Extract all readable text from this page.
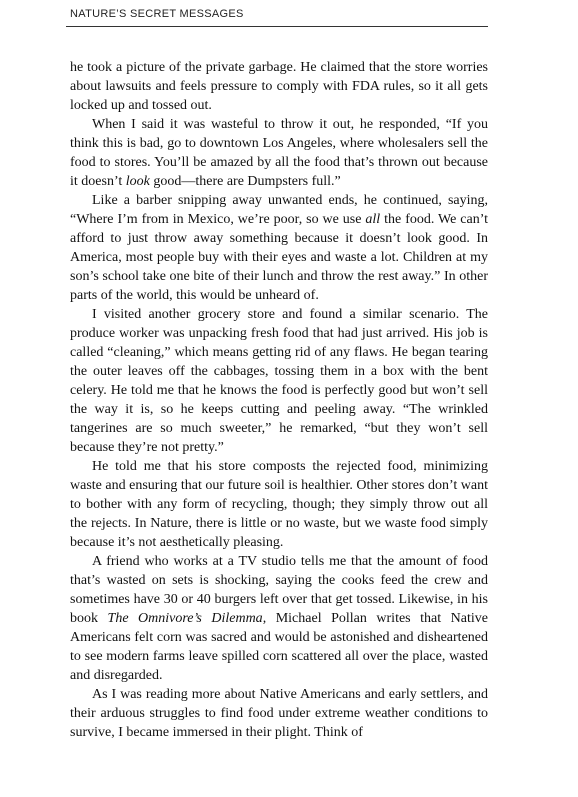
NATURE’S SECRET MESSAGES

he took a picture of the private garbage. He claimed that the store worries about lawsuits and feels pressure to comply with FDA rules, so it all gets locked up and tossed out.

When I said it was wasteful to throw it out, he responded, “If you think this is bad, go to downtown Los Angeles, where wholesalers sell the food to stores. You’ll be amazed by all the food that’s thrown out because it doesn’t look good—there are Dumpsters full.”

Like a barber snipping away unwanted ends, he continued, saying, “Where I’m from in Mexico, we’re poor, so we use all the food. We can’t afford to just throw away something because it doesn’t look good. In America, most people buy with their eyes and waste a lot. Children at my son’s school take one bite of their lunch and throw the rest away.” In other parts of the world, this would be unheard of.

I visited another grocery store and found a similar scenario. The produce worker was unpacking fresh food that had just arrived. His job is called “cleaning,” which means getting rid of any flaws. He began tearing the outer leaves off the cabbages, tossing them in a box with the bent celery. He told me that he knows the food is perfectly good but won’t sell the way it is, so he keeps cutting and peeling away. “The wrinkled tangerines are so much sweeter,” he remarked, “but they won’t sell because they’re not pretty.”

He told me that his store composts the rejected food, minimizing waste and ensuring that our future soil is healthier. Other stores don’t want to bother with any form of recycling, though; they simply throw out all the rejects. In Nature, there is little or no waste, but we waste food simply because it’s not aesthetically pleasing.

A friend who works at a TV studio tells me that the amount of food that’s wasted on sets is shocking, saying the cooks feed the crew and sometimes have 30 or 40 burgers left over that get tossed. Likewise, in his book The Omnivore’s Dilemma, Michael Pollan writes that Native Americans felt corn was sacred and would be astonished and disheartened to see modern farms leave spilled corn scattered all over the place, wasted and disregarded.

As I was reading more about Native Americans and early settlers, and their arduous struggles to find food under extreme weather conditions to survive, I became immersed in their plight. Think of
